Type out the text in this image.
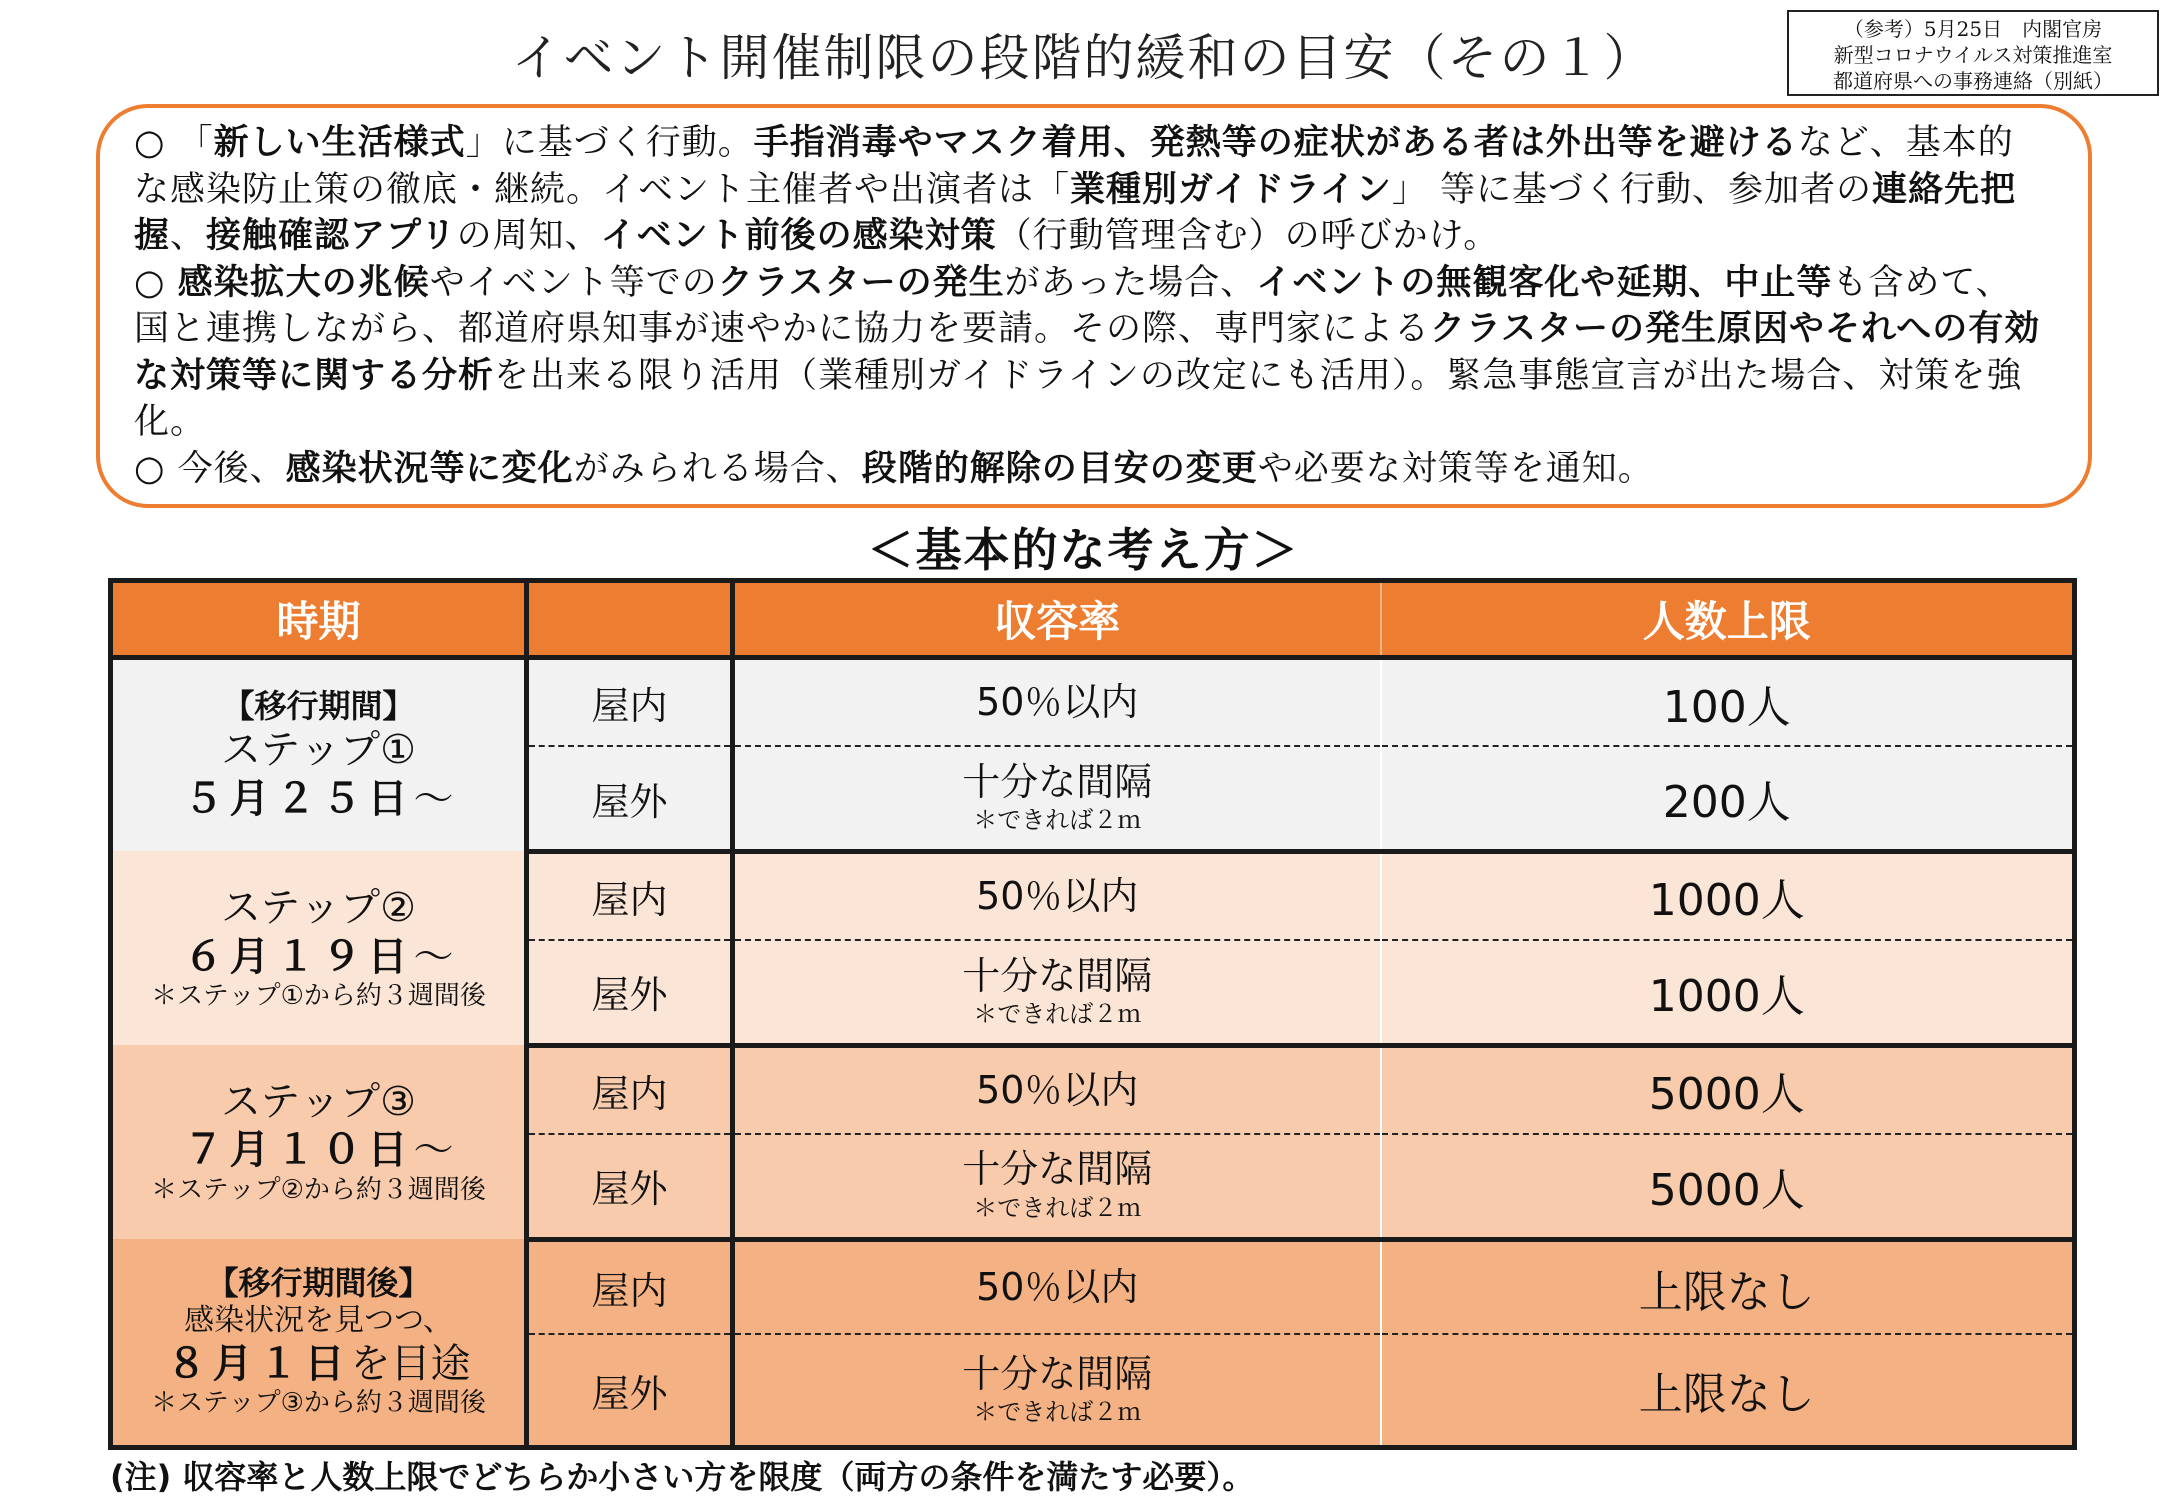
イベント開催制限の段階的緩和の目安（その１）	（参考）5月25日　内閣官房
新型コロナウイルス対策推進室
都道府県への事務連絡（別紙）

○ 「新しい生活様式」に基づく行動。手指消毒やマスク着用、発熱等の症状がある者は外出等を避けるなど、基本的な感染防止策の徹底・継続。イベント主催者や出演者は「業種別ガイドライン」 等に基づく行動、参加者の連絡先把握、接触確認アプリの周知、イベント前後の感染対策（行動管理含む）の呼びかけ。

○ 感染拡大の兆候やイベント等でのクラスターの発生があった場合、イベントの無観客化や延期、中止等も含めて、国と連携しながら、都道府県知事が速やかに協力を要請。その際、専門家によるクラスターの発生原因やそれへの有効な対策等に関する分析を出来る限り活用（業種別ガイドラインの改定にも活用）。緊急事態宣言が出た場合、対策を強化。

○ 今後、感染状況等に変化がみられる場合、段階的解除の目安の変更や必要な対策等を通知。

＜基本的な考え方＞
時期		収容率	人数上限

【移行期間】
ステップ①
５月２５日〜	屋内	50％以内	100人
	屋外	十分な間隔
＊できれば２ｍ	200人

ステップ②
６月１９日〜
＊ステップ①から約３週間後	屋内	50％以内	1000人
	屋外	十分な間隔
＊できれば２ｍ	1000人

ステップ③
７月１０日〜
＊ステップ②から約３週間後	屋内	50％以内	5000人
	屋外	十分な間隔
＊できれば２ｍ	5000人

【移行期間後】
感染状況を見つつ、
８月１日を目途
＊ステップ③から約３週間後	屋内	50％以内	上限なし
	屋外	十分な間隔
＊できれば２ｍ	上限なし
(注) 収容率と人数上限でどちらか小さい方を限度（両方の条件を満たす必要）。
